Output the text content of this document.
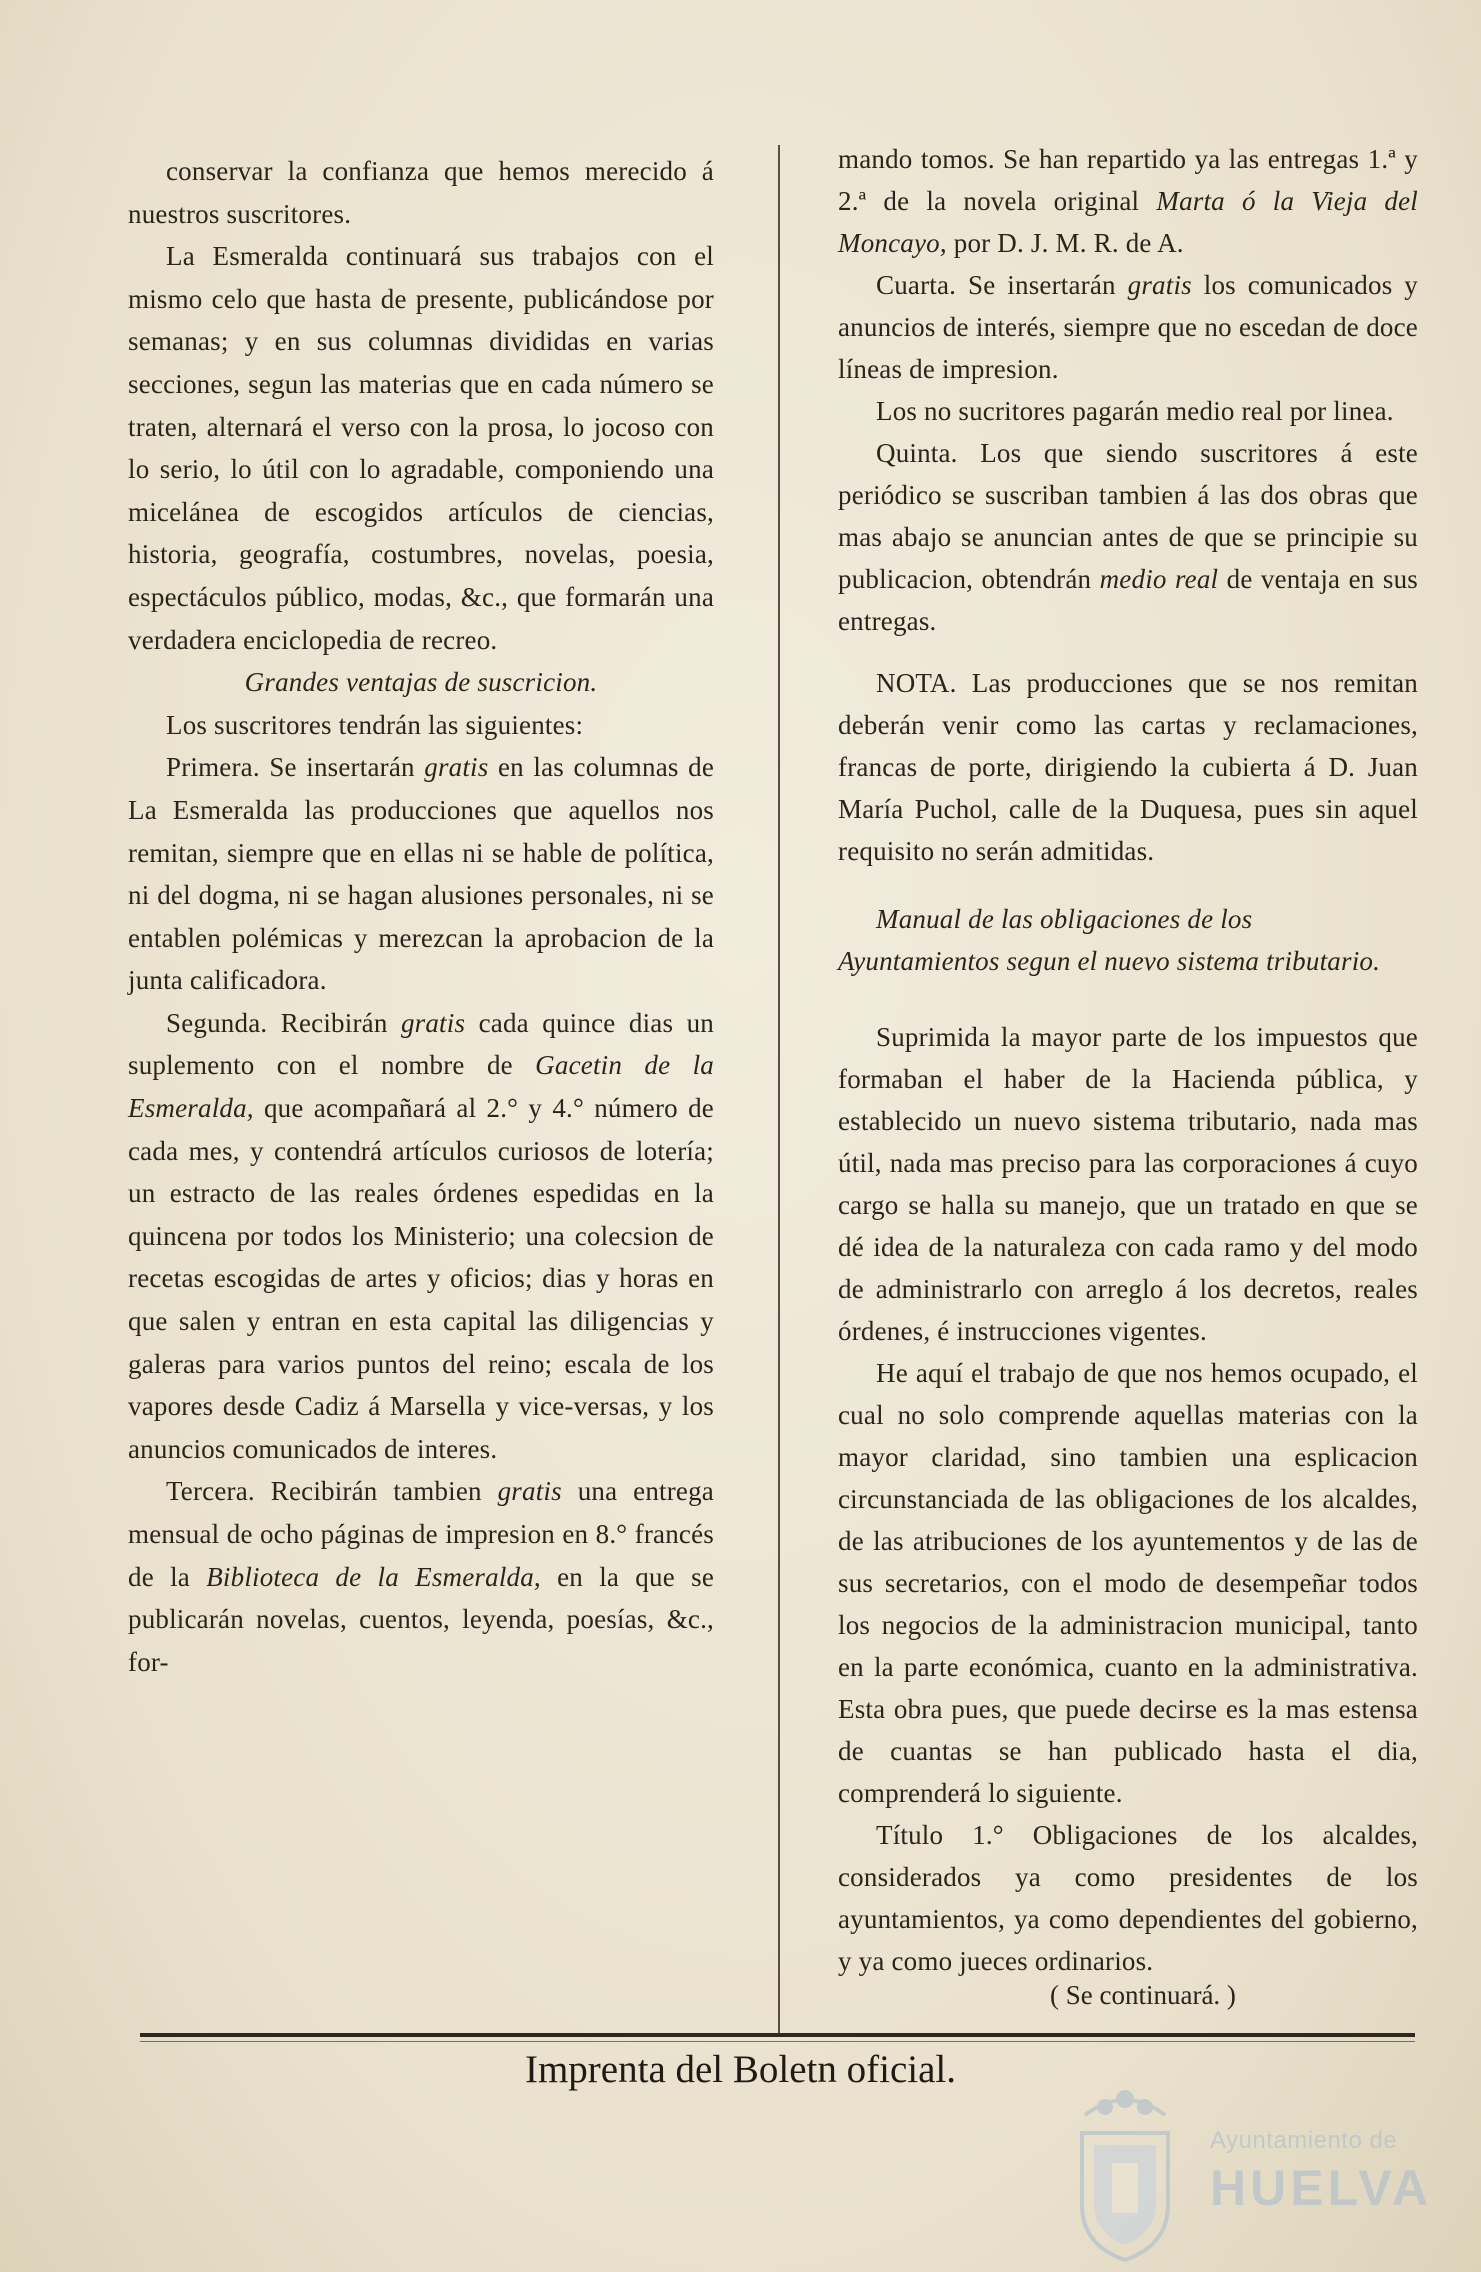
conservar la confianza que hemos merecido á nuestros suscritores.

La Esmeralda continuará sus trabajos con el mismo celo que hasta de presente, publicándose por semanas; y en sus columnas divididas en varias secciones, segun las materias que en cada número se traten, alternará el verso con la prosa, lo jocoso con lo serio, lo útil con lo agradable, componiendo una micelánea de escogidos artículos de ciencias, historia, geografía, costumbres, novelas, poesia, espectáculos público, modas, &c., que formarán una verdadera enciclopedia de recreo.

Grandes ventajas de suscricion.

Los suscritores tendrán las siguientes:

Primera. Se insertarán gratis en las columnas de La Esmeralda las producciones que aquellos nos remitan, siempre que en ellas ni se hable de política, ni del dogma, ni se hagan alusiones personales, ni se entablen polémicas y merezcan la aprobacion de la junta calificadora.

Segunda. Recibirán gratis cada quince dias un suplemento con el nombre de Gacetin de la Esmeralda, que acompañará al 2.° y 4.° número de cada mes, y contendrá artículos curiosos de lotería; un estracto de las reales órdenes espedidas en la quincena por todos los Ministerio; una colecsion de recetas escogidas de artes y oficios; dias y horas en que salen y entran en esta capital las diligencias y galeras para varios puntos del reino; escala de los vapores desde Cadiz á Marsella y vice-versas, y los anuncios comunicados de interes.

Tercera. Recibirán tambien gratis una entrega mensual de ocho páginas de impresion en 8.° francés de la Biblioteca de la Esmeralda, en la que se publicarán novelas, cuentos, leyenda, poesías, &c., for-

mando tomos. Se han repartido ya las entregas 1.ª y 2.ª de la novela original Marta ó la Vieja del Moncayo, por D. J. M. R. de A.

Cuarta. Se insertarán gratis los comunicados y anuncios de interés, siempre que no escedan de doce líneas de impresion.

Los no sucritores pagarán medio real por linea.

Quinta. Los que siendo suscritores á este periódico se suscriban tambien á las dos obras que mas abajo se anuncian antes de que se principie su publicacion, obtendrán medio real de ventaja en sus entregas.

NOTA. Las producciones que se nos remitan deberán venir como las cartas y reclamaciones, francas de porte, dirigiendo la cubierta á D. Juan María Puchol, calle de la Duquesa, pues sin aquel requisito no serán admitidas.

Manual de las obligaciones de los Ayuntamientos segun el nuevo sistema tributario.

Suprimida la mayor parte de los impuestos que formaban el haber de la Hacienda pública, y establecido un nuevo sistema tributario, nada mas útil, nada mas preciso para las corporaciones á cuyo cargo se halla su manejo, que un tratado en que se dé idea de la naturaleza con cada ramo y del modo de administrarlo con arreglo á los decretos, reales órdenes, é instrucciones vigentes.

He aquí el trabajo de que nos hemos ocupado, el cual no solo comprende aquellas materias con la mayor claridad, sino tambien una esplicacion circunstanciada de las obligaciones de los alcaldes, de las atribuciones de los ayuntementos y de las de sus secretarios, con el modo de desempeñar todos los negocios de la administracion municipal, tanto en la parte económica, cuanto en la administrativa. Esta obra pues, que puede decirse es la mas estensa de cuantas se han publicado hasta el dia, comprenderá lo siguiente.

Título 1.° Obligaciones de los alcaldes, considerados ya como presidentes de los ayuntamientos, ya como dependientes del gobierno, y ya como jueces ordinarios.

( Se continuará. )
Imprenta del Boletn oficial.
Ayuntamiento de
HUELVA
